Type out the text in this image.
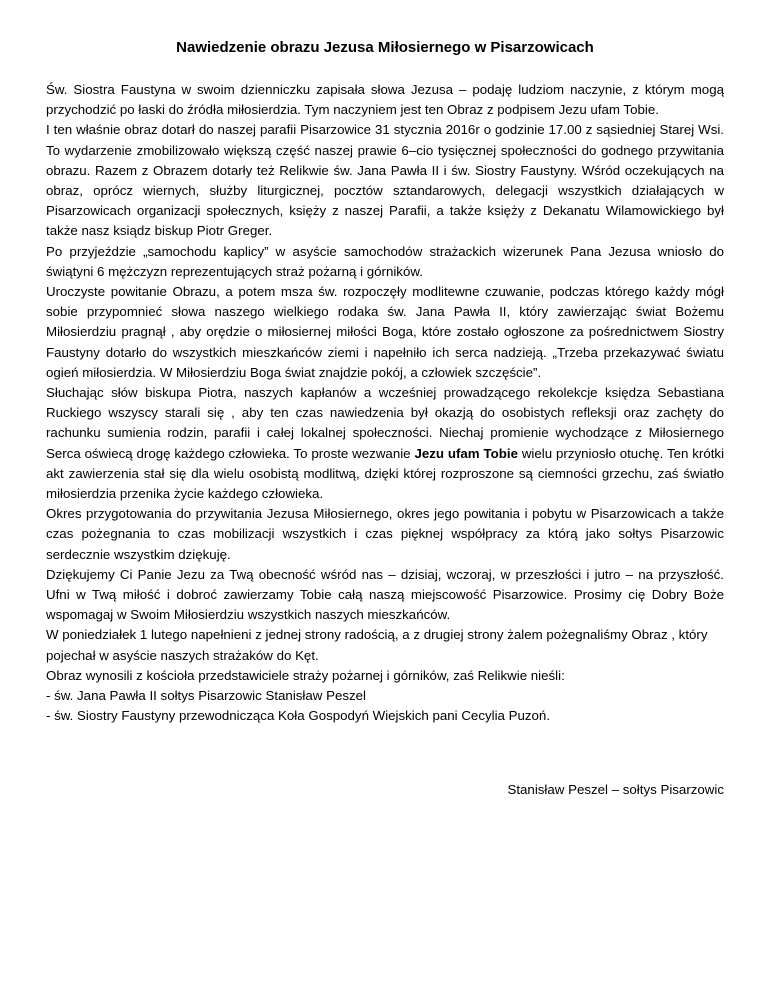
Nawiedzenie obrazu Jezusa Miłosiernego w Pisarzowicach

Św. Siostra Faustyna w swoim dzienniczku zapisała słowa Jezusa – podaję ludziom naczynie, z którym mogą przychodzić po łaski do źródła miłosierdzia. Tym naczyniem jest ten Obraz z podpisem Jezu ufam Tobie.

I ten właśnie obraz dotarł do naszej parafii Pisarzowice 31 stycznia 2016r o godzinie 17.00 z sąsiedniej Starej Wsi. To wydarzenie zmobilizowało większą część naszej prawie 6–cio tysięcznej społeczności do godnego przywitania obrazu. Razem z Obrazem dotarły też Relikwie św. Jana Pawła II i św. Siostry Faustyny. Wśród oczekujących na obraz, oprócz wiernych, służby liturgicznej, pocztów sztandarowych, delegacji wszystkich działających w Pisarzowicach organizacji społecznych, księży z naszej Parafii, a także księży z Dekanatu Wilamowickiego był także nasz ksiądz biskup Piotr Greger.

Po przyjeździe „samochodu kaplicy” w asyście samochodów strażackich wizerunek Pana Jezusa wniosło do świątyni 6 mężczyzn reprezentujących straż pożarną i górników.

Uroczyste powitanie Obrazu, a potem msza św. rozpoczęły modlitewne czuwanie, podczas którego każdy mógł sobie przypomnieć słowa naszego wielkiego rodaka św. Jana Pawła II, który zawierzając świat Bożemu Miłosierdziu pragnął , aby orędzie o miłosiernej miłości Boga, które zostało ogłoszone za pośrednictwem Siostry Faustyny dotarło do wszystkich mieszkańców ziemi i napełniło ich serca nadzieją. „Trzeba przekazywać światu ogień miłosierdzia. W Miłosierdziu Boga świat znajdzie pokój, a człowiek szczęście”.

Słuchając słów biskupa Piotra, naszych kapłanów a wcześniej prowadzącego rekolekcje księdza Sebastiana Ruckiego wszyscy starali się , aby ten czas nawiedzenia był okazją do osobistych refleksji oraz zachęty do rachunku sumienia rodzin, parafii i całej lokalnej społeczności. Niechaj promienie wychodzące z Miłosiernego Serca oświecą drogę każdego człowieka. To proste wezwanie Jezu ufam Tobie wielu przyniosło otuchę. Ten krótki akt zawierzenia stał się dla wielu osobistą modlitwą, dzięki której rozproszone są ciemności grzechu, zaś światło miłosierdzia przenika życie każdego człowieka.

Okres przygotowania do przywitania Jezusa Miłosiernego, okres jego powitania i pobytu w Pisarzowicach a także czas pożegnania to czas mobilizacji wszystkich i czas pięknej współpracy za którą jako sołtys Pisarzowic serdecznie wszystkim dziękuję.

Dziękujemy Ci Panie Jezu za Twą obecność wśród nas – dzisiaj, wczoraj, w przeszłości i jutro – na przyszłość. Ufni w Twą miłość i dobroć zawierzamy Tobie całą naszą miejscowość Pisarzowice. Prosimy cię Dobry Boże wspomagaj w Swoim Miłosierdziu wszystkich naszych mieszkańców.

W poniedziałek 1 lutego napełnieni z jednej strony radością, a z drugiej strony żalem pożegnaliśmy Obraz , który pojechał w asyście naszych strażaków do Kęt.

Obraz wynosili z kościoła przedstawiciele straży pożarnej i górników, zaś Relikwie nieśli:

- św. Jana Pawła II sołtys Pisarzowic Stanisław Peszel

- św. Siostry Faustyny przewodnicząca Koła Gospodyń Wiejskich pani Cecylia Puzoń.

Stanisław Peszel – sołtys Pisarzowic
